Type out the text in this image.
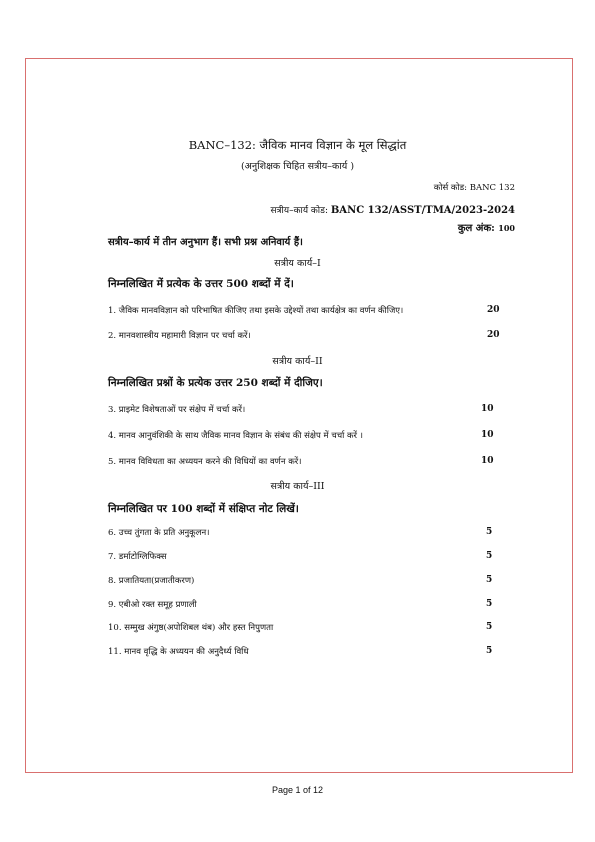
BANC–132: जैविक मानव विज्ञान के मूल सिद्धांत
(अनुशिक्षक चिहित सत्रीय–कार्य )
कोर्स कोड: BANC 132
सत्रीय–कार्य कोड: BANC 132/ASST/TMA/2023-2024
कुल अंक: 100
सत्रीय–कार्य में तीन अनुभाग हैं। सभी प्रश्न अनिवार्य हैं।
सत्रीय कार्य–I
निम्नलिखित में प्रत्येक के उत्तर 500 शब्दों में दें।
1. जैविक मानवविज्ञान को परिभाषित कीजिए तथा इसके उद्देश्यों तथा कार्यक्षेत्र का वर्णन कीजिए।	20
2. मानवशास्त्रीय महामारी विज्ञान पर चर्चा करें।	20
सत्रीय कार्य–II
निम्नलिखित प्रश्नों के प्रत्येक उत्तर 250 शब्दों में दीजिए।
3. प्राइमेट विशेषताओं पर संक्षेप में चर्चा करें।	10
4. मानव आनुवंशिकी के साथ जैविक मानव विज्ञान के संबंध की संक्षेप में चर्चा करें ।	10
5. मानव विविधता का अध्ययन करने की विधियों का वर्णन करें।	10
सत्रीय कार्य–III
निम्नलिखित पर 100 शब्दों में संक्षिप्त नोट लिखें।
6. उच्च तुंगता के प्रति अनुकूलन।	5
7. डर्माटोग्लिफिक्स	5
8. प्रजातियता(प्रजातीकरण)	5
9. एबीओ रक्त समूह प्रणाली	5
10. सम्मुख अंगुष्ठ(अपोशिबल थंब) और हस्त निपुणता	5
11. मानव वृद्धि के अध्ययन की अनुदैर्ध्य विधि	5
Page 1 of 12
